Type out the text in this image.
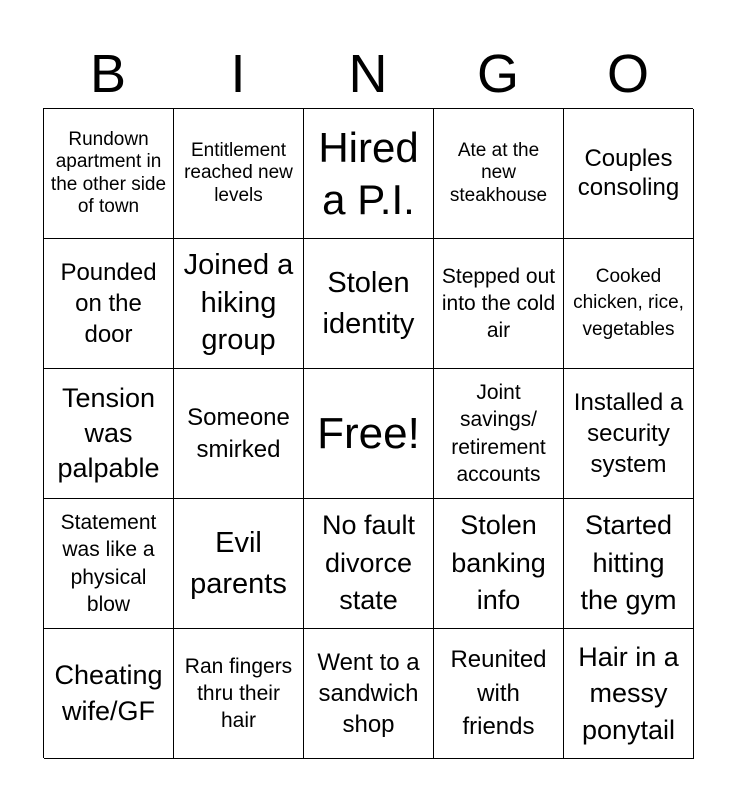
B	I	N	G	O
Rundown apartment in the other side of town
Entitlement reached new levels
Hired a P.I.
Ate at the new steakhouse
Couples consoling
Pounded on the door
Joined a hiking group
Stolen identity
Stepped out into the cold air
Cooked chicken, rice, vegetables
Tension was palpable
Someone smirked Free!
Joint savings/ retirement accounts
Installed a security system
Statement was like a physical blow
Evil parents
No fault divorce state
Stolen banking info
Started hitting the gym
Cheating wife/GF
Ran fingers thru their hair
Went to a sandwich shop
Reunited with friends
Hair in a messy ponytail
